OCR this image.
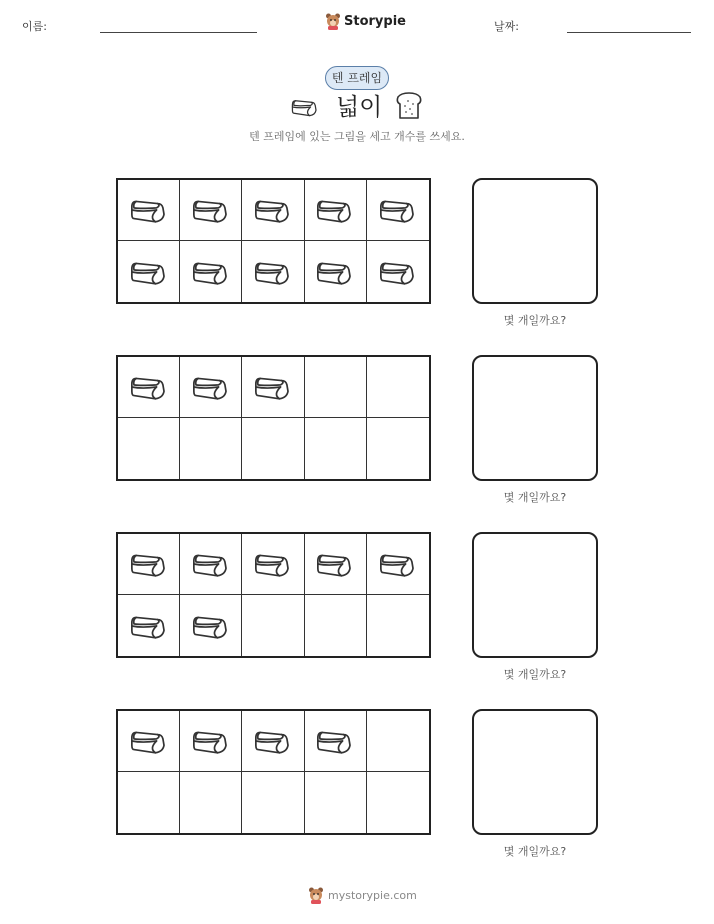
이름:	Storypie	날짜:
텐 프레임
넓이
텐 프레임에 있는 그림을 세고 개수를 쓰세요.
몇 개일까요?
몇 개일까요?
몇 개일까요?
몇 개일까요?
mystorypie.com
